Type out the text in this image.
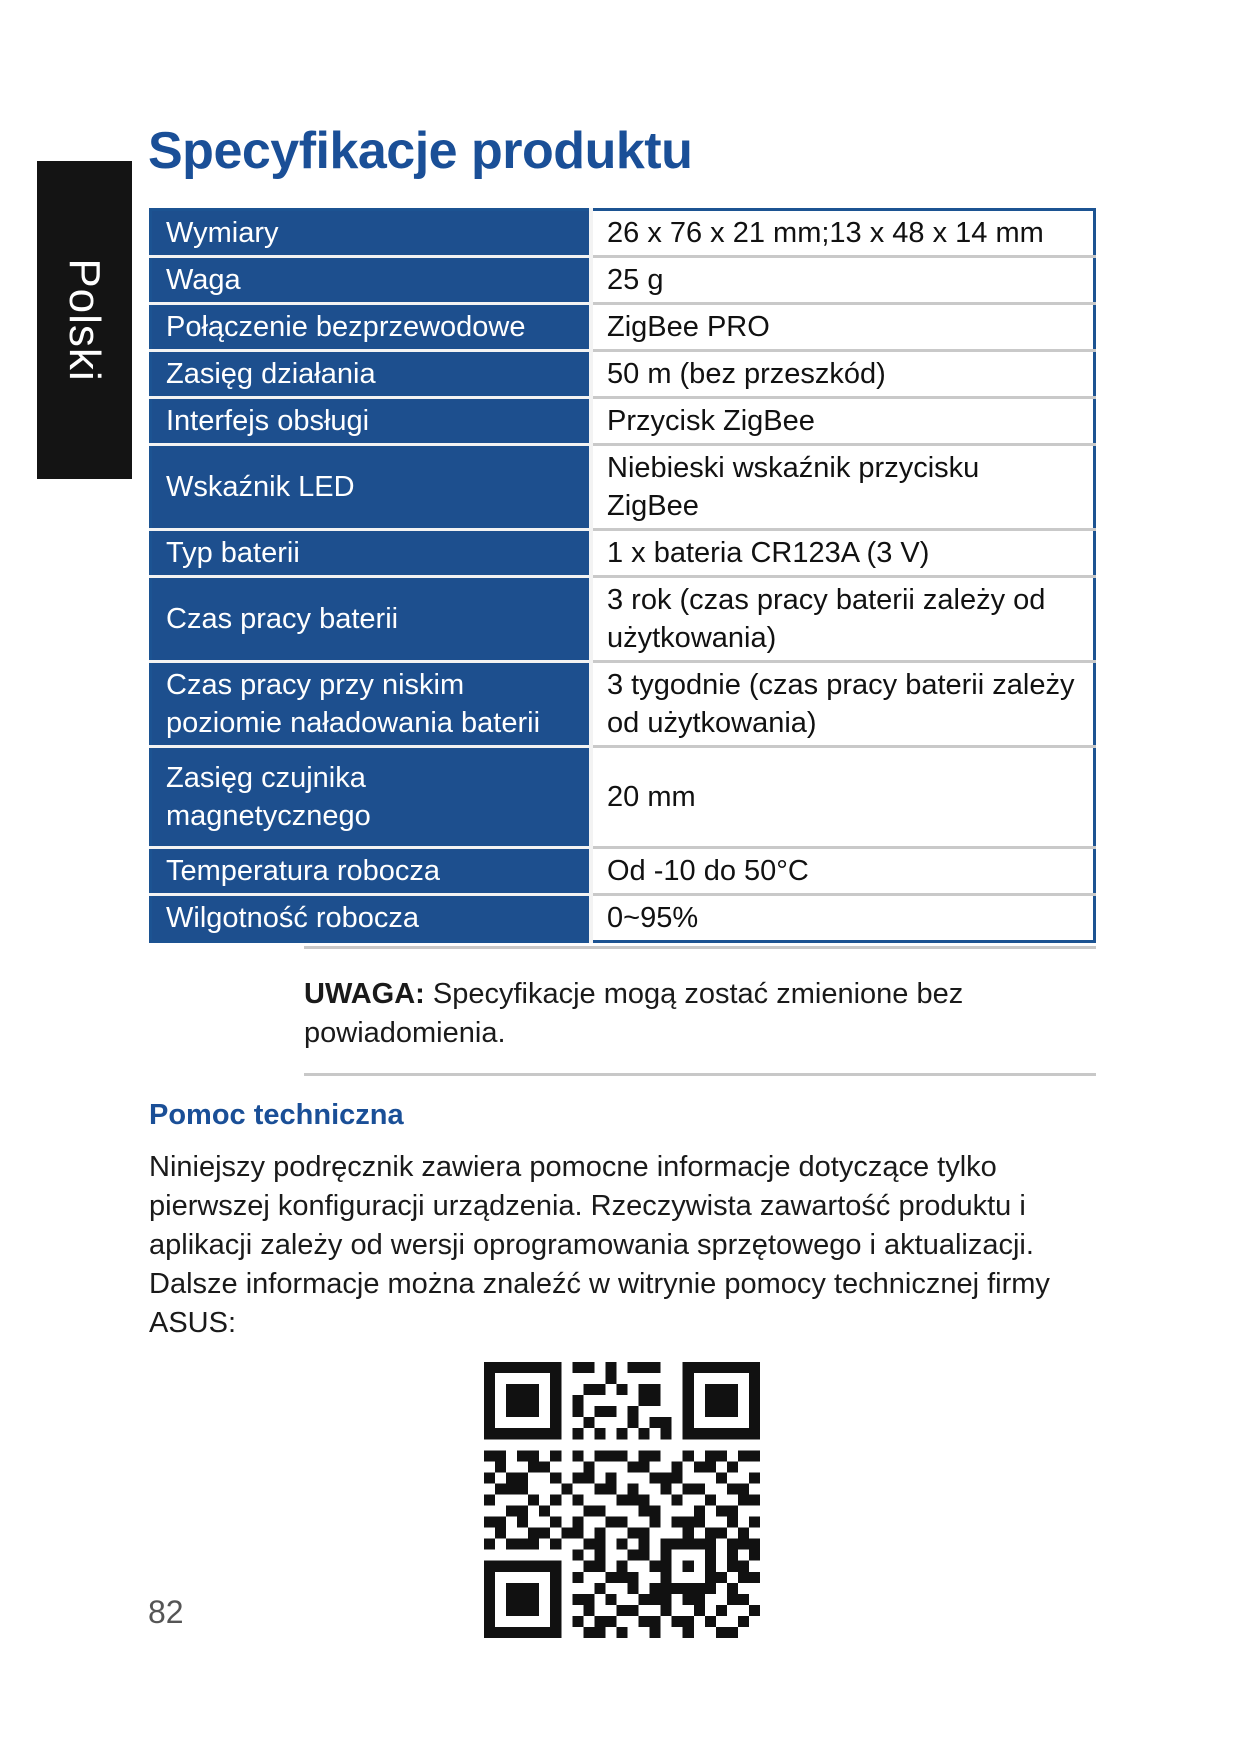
Polski
Specyfikacje produktu
Wymiary	26 x 76 x 21 mm;13 x 48 x 14 mm
Waga	25 g
Połączenie bezprzewodowe	ZigBee PRO
Zasięg działania	50 m (bez przeszkód)
Interfejs obsługi	Przycisk ZigBee
Wskaźnik LED	Niebieski wskaźnik przycisku ZigBee
Typ baterii	1 x bateria CR123A (3 V)
Czas pracy baterii	3 rok (czas pracy baterii zależy od użytkowania)
Czas pracy przy niskim poziomie naładowania baterii	3 tygodnie (czas pracy baterii zależy od użytkowania)
Zasięg czujnika magnetycznego	20 mm
Temperatura robocza	Od -10 do 50°C
Wilgotność robocza	0~95%
UWAGA: Specyfikacje mogą zostać zmienione bez powiadomienia.
Pomoc techniczna

Niniejszy podręcznik zawiera pomocne informacje dotyczące tylko pierwszej konfiguracji urządzenia. Rzeczywista zawartość produktu i aplikacji zależy od wersji oprogramowania sprzętowego i aktualizacji. Dalsze informacje można znaleźć w witrynie pomocy technicznej firmy ASUS:

82
